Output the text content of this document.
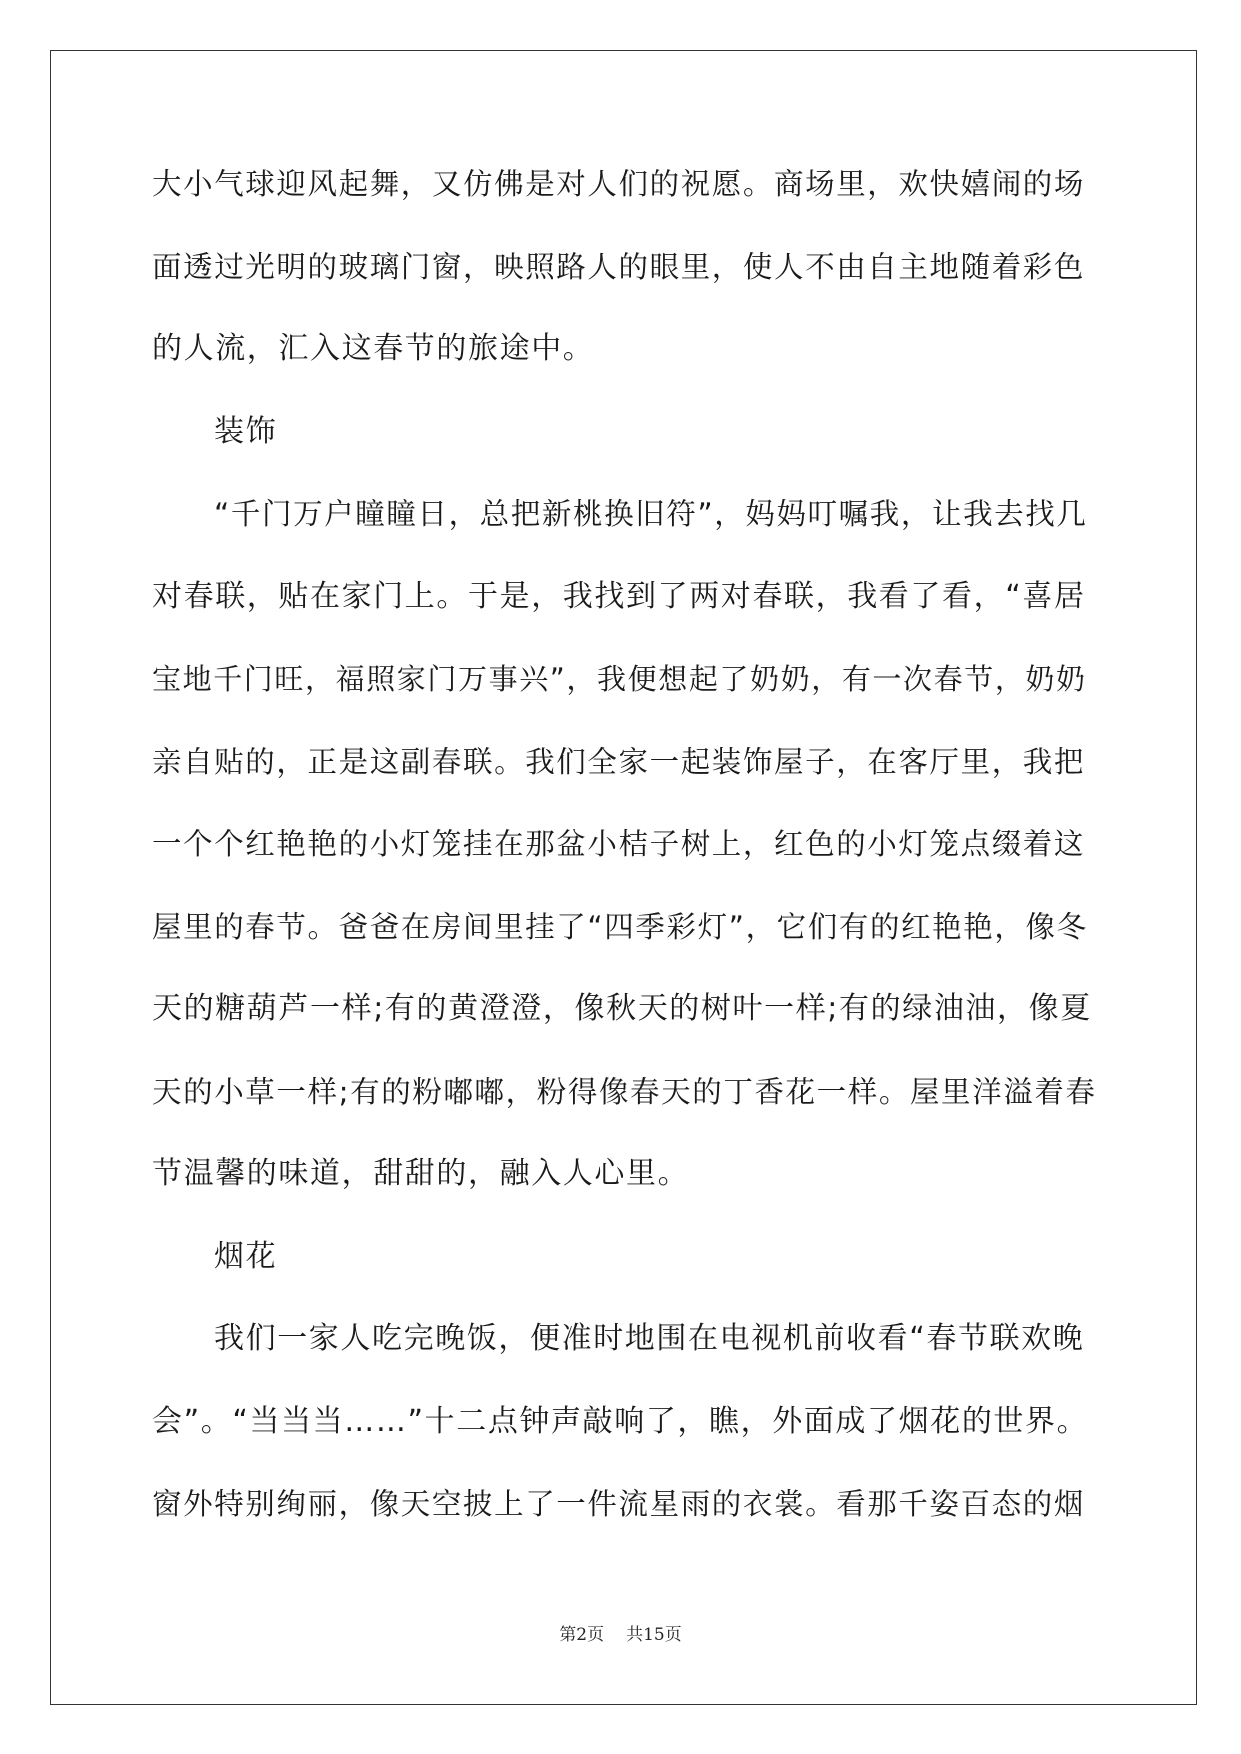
大小气球迎风起舞，又仿佛是对人们的祝愿。商场里，欢快嬉闹的场
面透过光明的玻璃门窗，映照路人的眼里，使人不由自主地随着彩色
的人流，汇入这春节的旅途中。
装饰
“千门万户瞳瞳日，总把新桃换旧符”，妈妈叮嘱我，让我去找几
对春联，贴在家门上。于是，我找到了两对春联，我看了看，“喜居
宝地千门旺，福照家门万事兴”，我便想起了奶奶，有一次春节，奶奶
亲自贴的，正是这副春联。我们全家一起装饰屋子，在客厅里，我把
一个个红艳艳的小灯笼挂在那盆小桔子树上，红色的小灯笼点缀着这
屋里的春节。爸爸在房间里挂了“四季彩灯”，它们有的红艳艳，像冬
天的糖葫芦一样;有的黄澄澄，像秋天的树叶一样;有的绿油油，像夏
天的小草一样;有的粉嘟嘟，粉得像春天的丁香花一样。屋里洋溢着春
节温馨的味道，甜甜的，融入人心里。
烟花
我们一家人吃完晚饭，便准时地围在电视机前收看“春节联欢晚
会”。“当当当……”十二点钟声敲响了，瞧，外面成了烟花的世界。
窗外特别绚丽，像天空披上了一件流星雨的衣裳。看那千姿百态的烟
第2页 共15页
